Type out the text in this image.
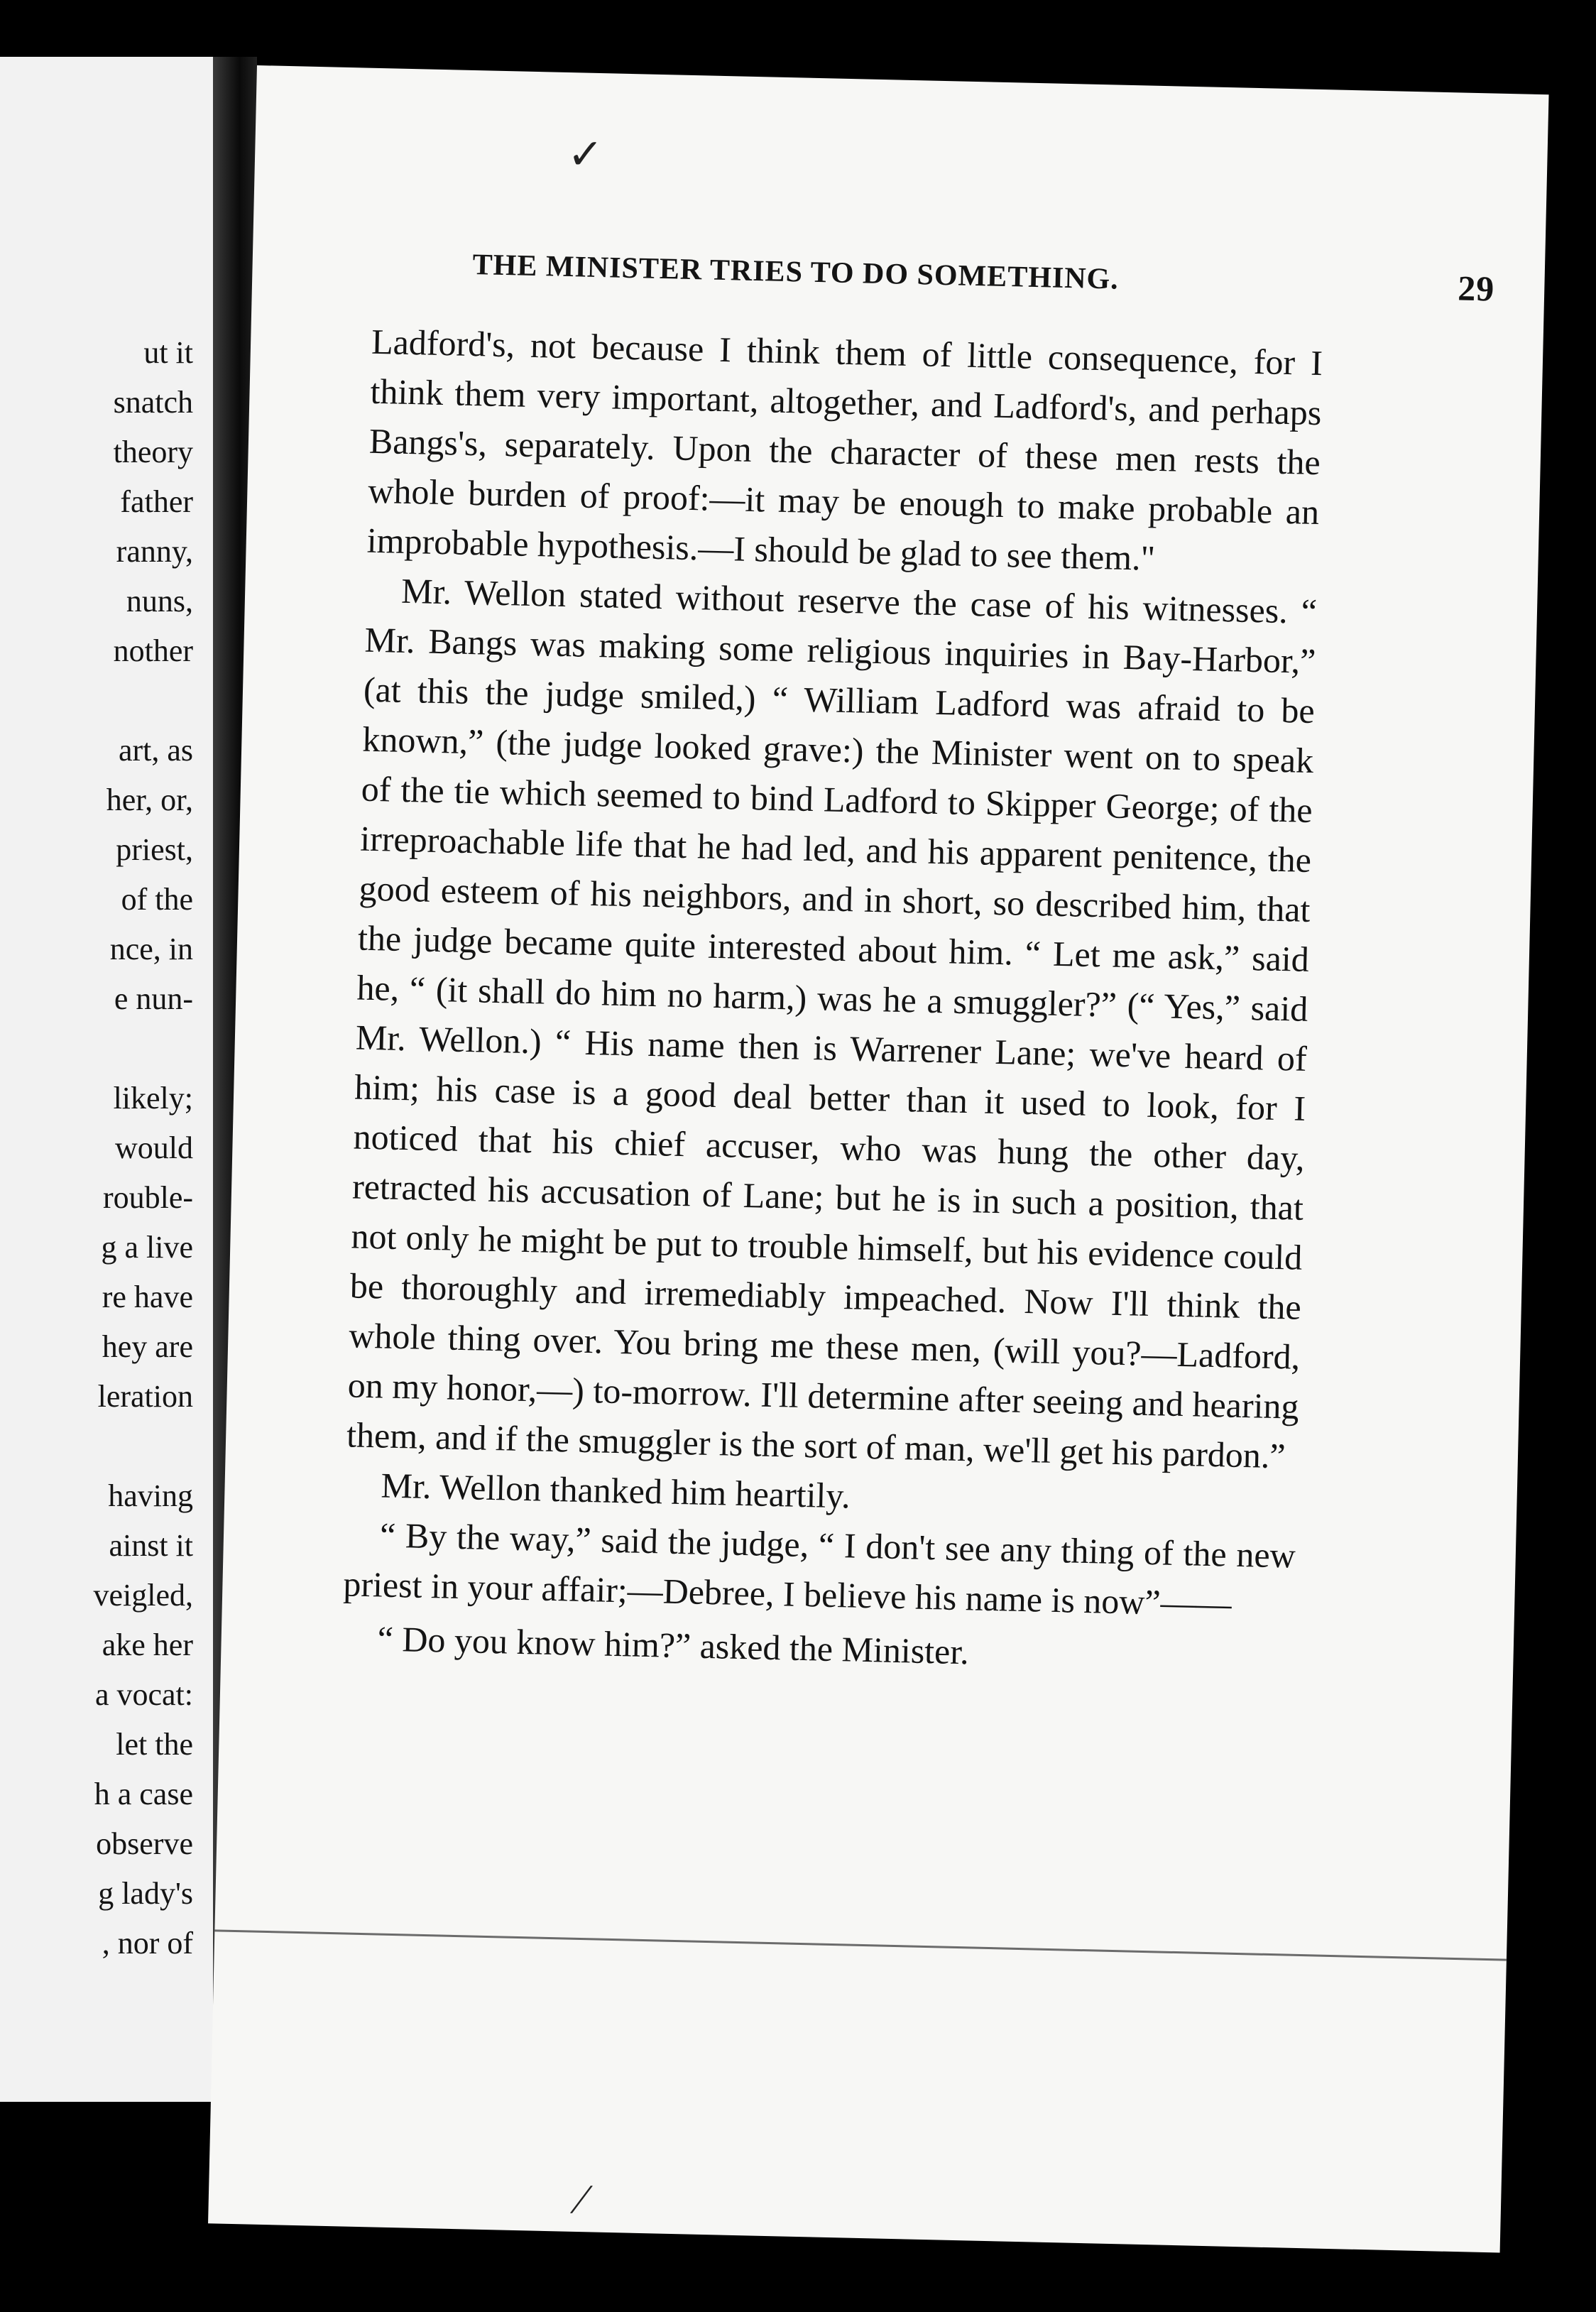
ut it
snatch
theory
father
ranny,
nuns,
nother
art, as
her, or,
priest,
of the
nce, in
e nun-
likely;
would
rouble-
g a live
re have
hey are
leration
having
ainst it
veigled,
ake her
a vocat:
let the
h a case
observe
g lady's
, nor of
THE MINISTER TRIES TO DO SOMETHING.	29

Ladford's, not because I think them of little consequence, for I think them very important, altogether, and Ladford's, and perhaps Bangs's, separately. Upon the character of these men rests the whole burden of proof:—it may be enough to make probable an improbable hypothesis.—I should be glad to see them."

Mr. Wellon stated without reserve the case of his witnesses. “ Mr. Bangs was making some religious inquiries in Bay-Harbor,” (at this the judge smiled,) “ William Ladford was afraid to be known,” (the judge looked grave:) the Minister went on to speak of the tie which seemed to bind Ladford to Skipper George; of the irreproachable life that he had led, and his apparent penitence, the good esteem of his neighbors, and in short, so described him, that the judge became quite interested about him. “ Let me ask,” said he, “ (it shall do him no harm,) was he a smuggler?” (“ Yes,” said Mr. Wellon.) “ His name then is Warrener Lane; we've heard of him; his case is a good deal better than it used to look, for I noticed that his chief accuser, who was hung the other day, retracted his accusation of Lane; but he is in such a position, that not only he might be put to trouble himself, but his evidence could be thoroughly and irremediably impeached. Now I'll think the whole thing over. You bring me these men, (will you?—Ladford, on my honor,—) to-morrow. I'll determine after seeing and hearing them, and if the smuggler is the sort of man, we'll get his pardon.”

Mr. Wellon thanked him heartily.

“ By the way,” said the judge, “ I don't see any thing of the new priest in your affair;—Debree, I believe his name is now”——

“ Do you know him?” asked the Minister.

✓
∕
